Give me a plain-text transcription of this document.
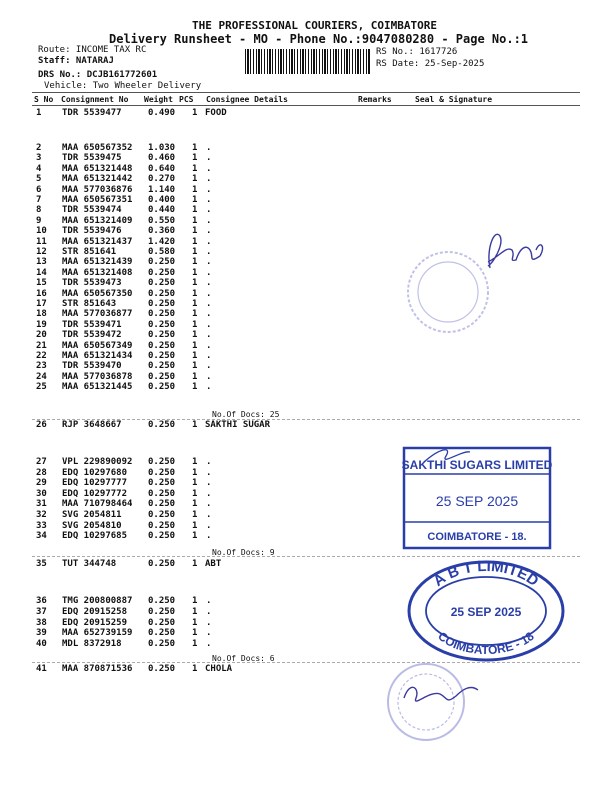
THE PROFESSIONAL COURIERS, COIMBATORE
Delivery Runsheet - MO - Phone No.:9047080280 - Page No.:1
Route: INCOME TAX RC
Staff: NATARAJ
DRS No.: DCJB161772601
Vehicle: Two Wheeler Delivery
RS No.: 1617726
RS Date: 25-Sep-2025
S No Consignment No Weight PCS Consignee Details	Remarks	Seal & Signature
1 TDR 5539477	0.490 1 FOOD
2 MAA 650567352 1.030 1 .
3 TDR 5539475	0.460 1 .
4 MAA 651321448 0.640 1 .
5 MAA 651321442 0.270 1 .
6 MAA 577036876 1.140 1 .
7 MAA 650567351 0.400 1 .
8 TDR 5539474	0.440 1 .
9 MAA 651321409 0.550 1 .
10 TDR 5539476	0.360 1 .
11 MAA 651321437 1.420 1 .
12 STR 851641	0.580 1 .
13 MAA 651321439 0.250 1 .
14 MAA 651321408 0.250 1 .
15 TDR 5539473	0.250 1 .
16 MAA 650567350 0.250 1 .
17 STR 851643	0.250 1 .
18 MAA 577036877 0.250 1 .
19 TDR 5539471	0.250 1 .
20 TDR 5539472	0.250 1 .
21 MAA 650567349 0.250 1 .
22 MAA 651321434 0.250 1 .
23 TDR 5539470	0.250 1 .
24 MAA 577036878 0.250 1 .
25 MAA 651321445 0.250 1 .
No.Of Docs: 25
26 RJP 3648667	0.250 1 SAKTHI SUGAR
27 VPL 229890092 0.250 1 .
28 EDQ 10297680 0.250 1 .
29 EDQ 10297777 0.250 1 .
30 EDQ 10297772 0.250 1 .
31 MAA 710798464 0.250 1 .
32 SVG 2054811	0.250 1 .
33 SVG 2054810	0.250 1 .
34 EDQ 10297685 0.250 1 .
No.Of Docs: 9
35 TUT 344748	0.250 1 ABT
36 TMG 200800887 0.250 1 .
37 EDQ 20915258 0.250 1 .
38 EDQ 20915259 0.250 1 .
39 MAA 652739159 0.250 1 .
40 MDL 8372918	0.250 1 .
No.Of Docs: 6
41 MAA 870871536 0.250 1 CHOLA
SAKTHI SUGARS LIMITED
25 SEP 2025
COIMBATORE - 18.
A B T LIMITED
COIMBATORE - 18
25 SEP 2025
